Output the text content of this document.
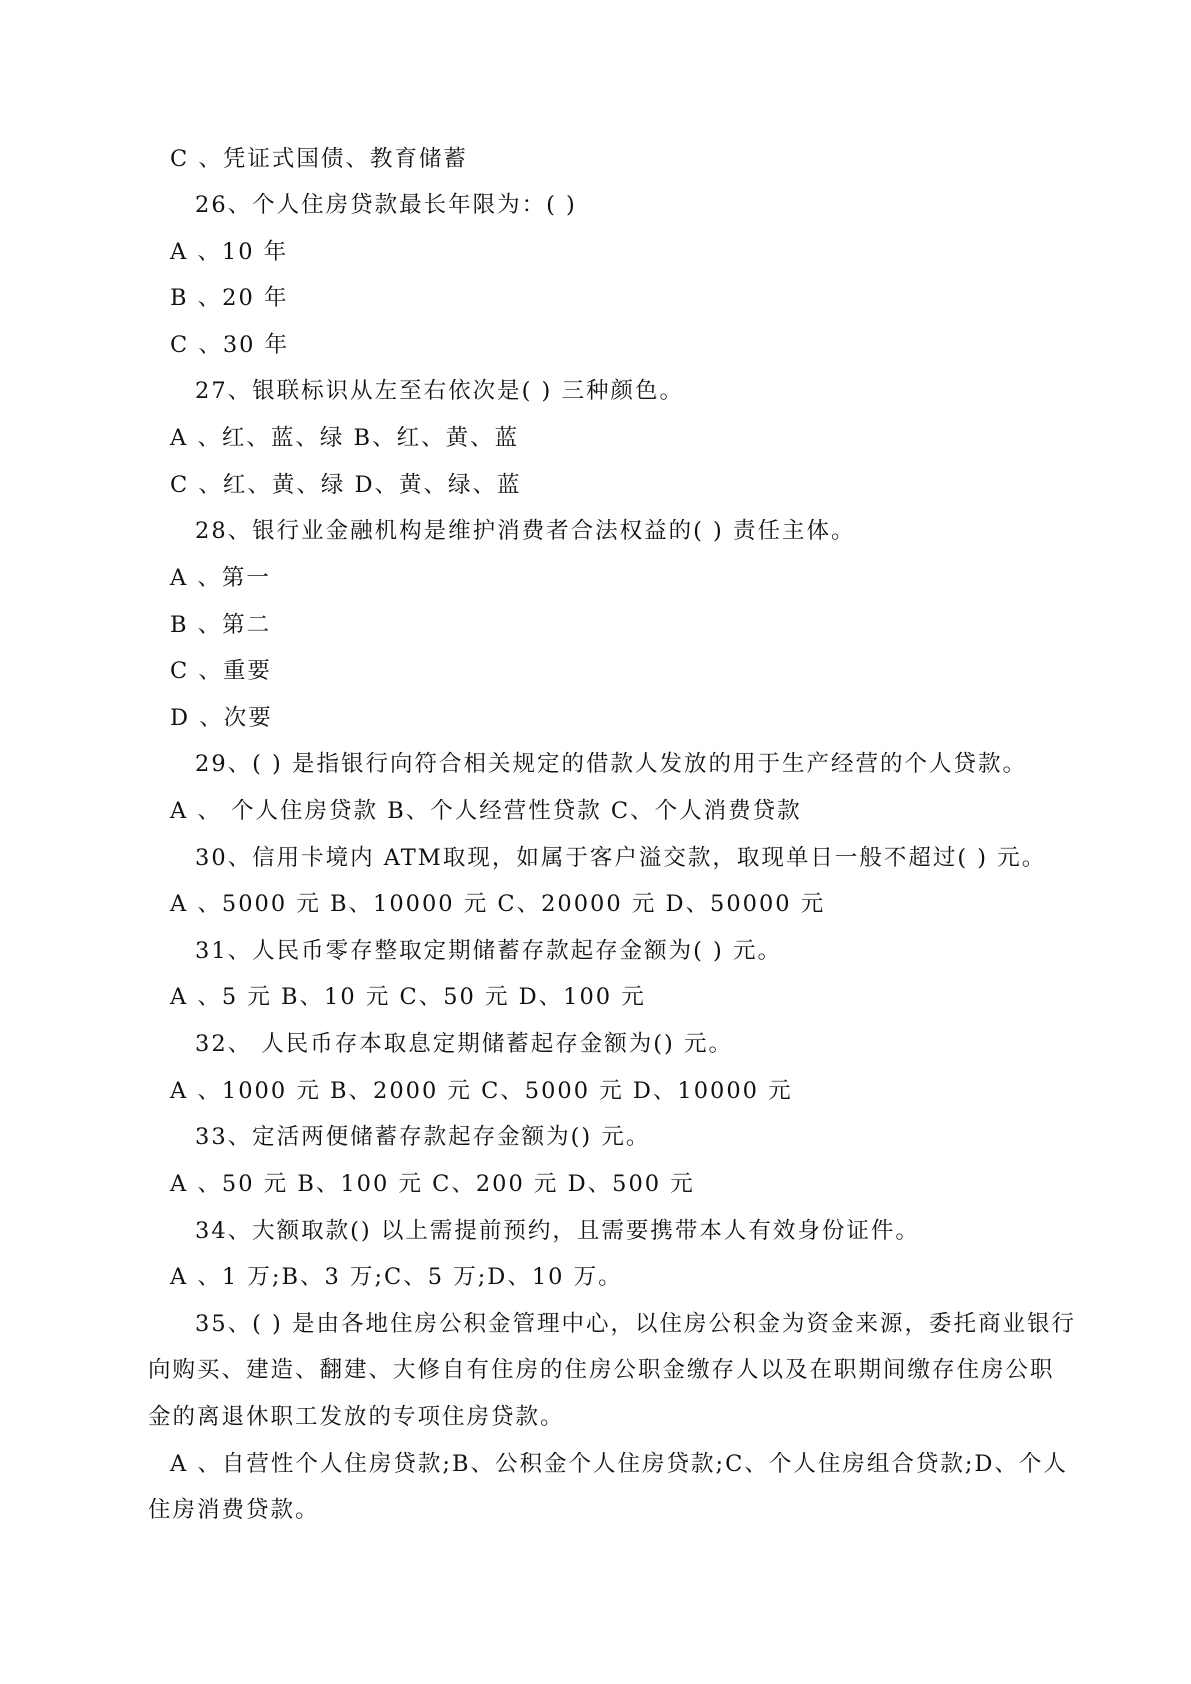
C 、凭证式国债、教育储蓄
26、个人住房贷款最长年限为：( )
A 、10 年
B 、20 年
C 、30 年
27、银联标识从左至右依次是( ) 三种颜色。
A 、红、蓝、绿 B、红、黄、蓝
C 、红、黄、绿 D、黄、绿、蓝
28、银行业金融机构是维护消费者合法权益的( ) 责任主体。
A 、第一
B 、第二
C 、重要
D 、次要
29、( ) 是指银行向符合相关规定的借款人发放的用于生产经营的个人贷款。
A 、 个人住房贷款 B、个人经营性贷款 C、个人消费贷款
30、信用卡境内 ATM取现，如属于客户溢交款，取现单日一般不超过( ) 元。
A 、5000 元 B、10000 元 C、20000 元 D、50000 元
31、人民币零存整取定期储蓄存款起存金额为( ) 元。
A 、5 元 B、10 元 C、50 元 D、100 元
32、 人民币存本取息定期储蓄起存金额为() 元。
A 、1000 元 B、2000 元 C、5000 元 D、10000 元
33、定活两便储蓄存款起存金额为() 元。
A 、50 元 B、100 元 C、200 元 D、500 元
34、大额取款() 以上需提前预约，且需要携带本人有效身份证件。
A 、1 万;B、3 万;C、5 万;D、10 万。
35、( ) 是由各地住房公积金管理中心，以住房公积金为资金来源，委托商业银行
向购买、建造、翻建、大修自有住房的住房公职金缴存人以及在职期间缴存住房公职
金的离退休职工发放的专项住房贷款。
A 、自营性个人住房贷款;B、公积金个人住房贷款;C、个人住房组合贷款;D、个人
住房消费贷款。
